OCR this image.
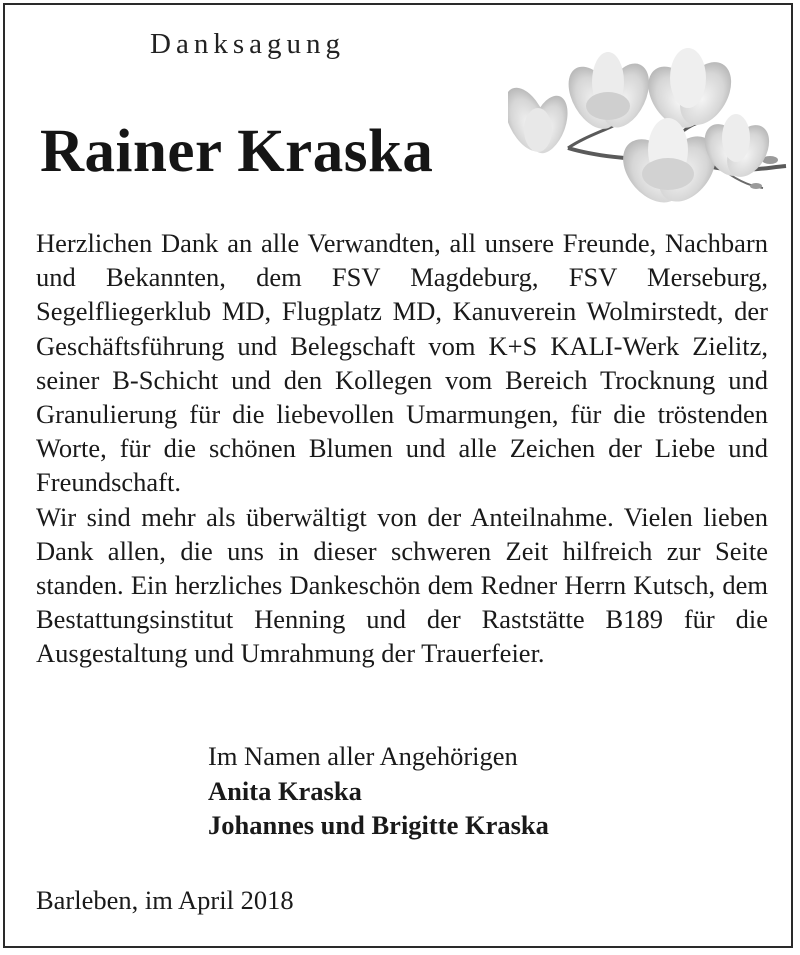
Danksagung
Rainer Kraska

Herzlichen Dank an alle Verwandten, all unsere Freunde, Nachbarn und Bekannten, dem FSV Magdeburg, FSV Merseburg, Segelfliegerklub MD, Flugplatz MD, Kanuverein Wolmirstedt, der Geschäftsführung und Belegschaft vom K+S KALI-Werk Zielitz, seiner B-Schicht und den Kollegen vom Bereich Trocknung und Granulierung für die liebevollen Umarmungen, für die tröstenden Worte, für die schönen Blumen und alle Zeichen der Liebe und Freundschaft.

Wir sind mehr als überwältigt von der Anteilnahme. Vielen lieben Dank allen, die uns in dieser schweren Zeit hilfreich zur Seite standen. Ein herzliches Dankeschön dem Redner Herrn Kutsch, dem Bestattungsinstitut Henning und der Raststätte B189 für die Ausgestaltung und Umrahmung der Trauerfeier.

Im Namen aller Angehörigen
Anita Kraska
Johannes und Brigitte Kraska
Barleben, im April 2018
